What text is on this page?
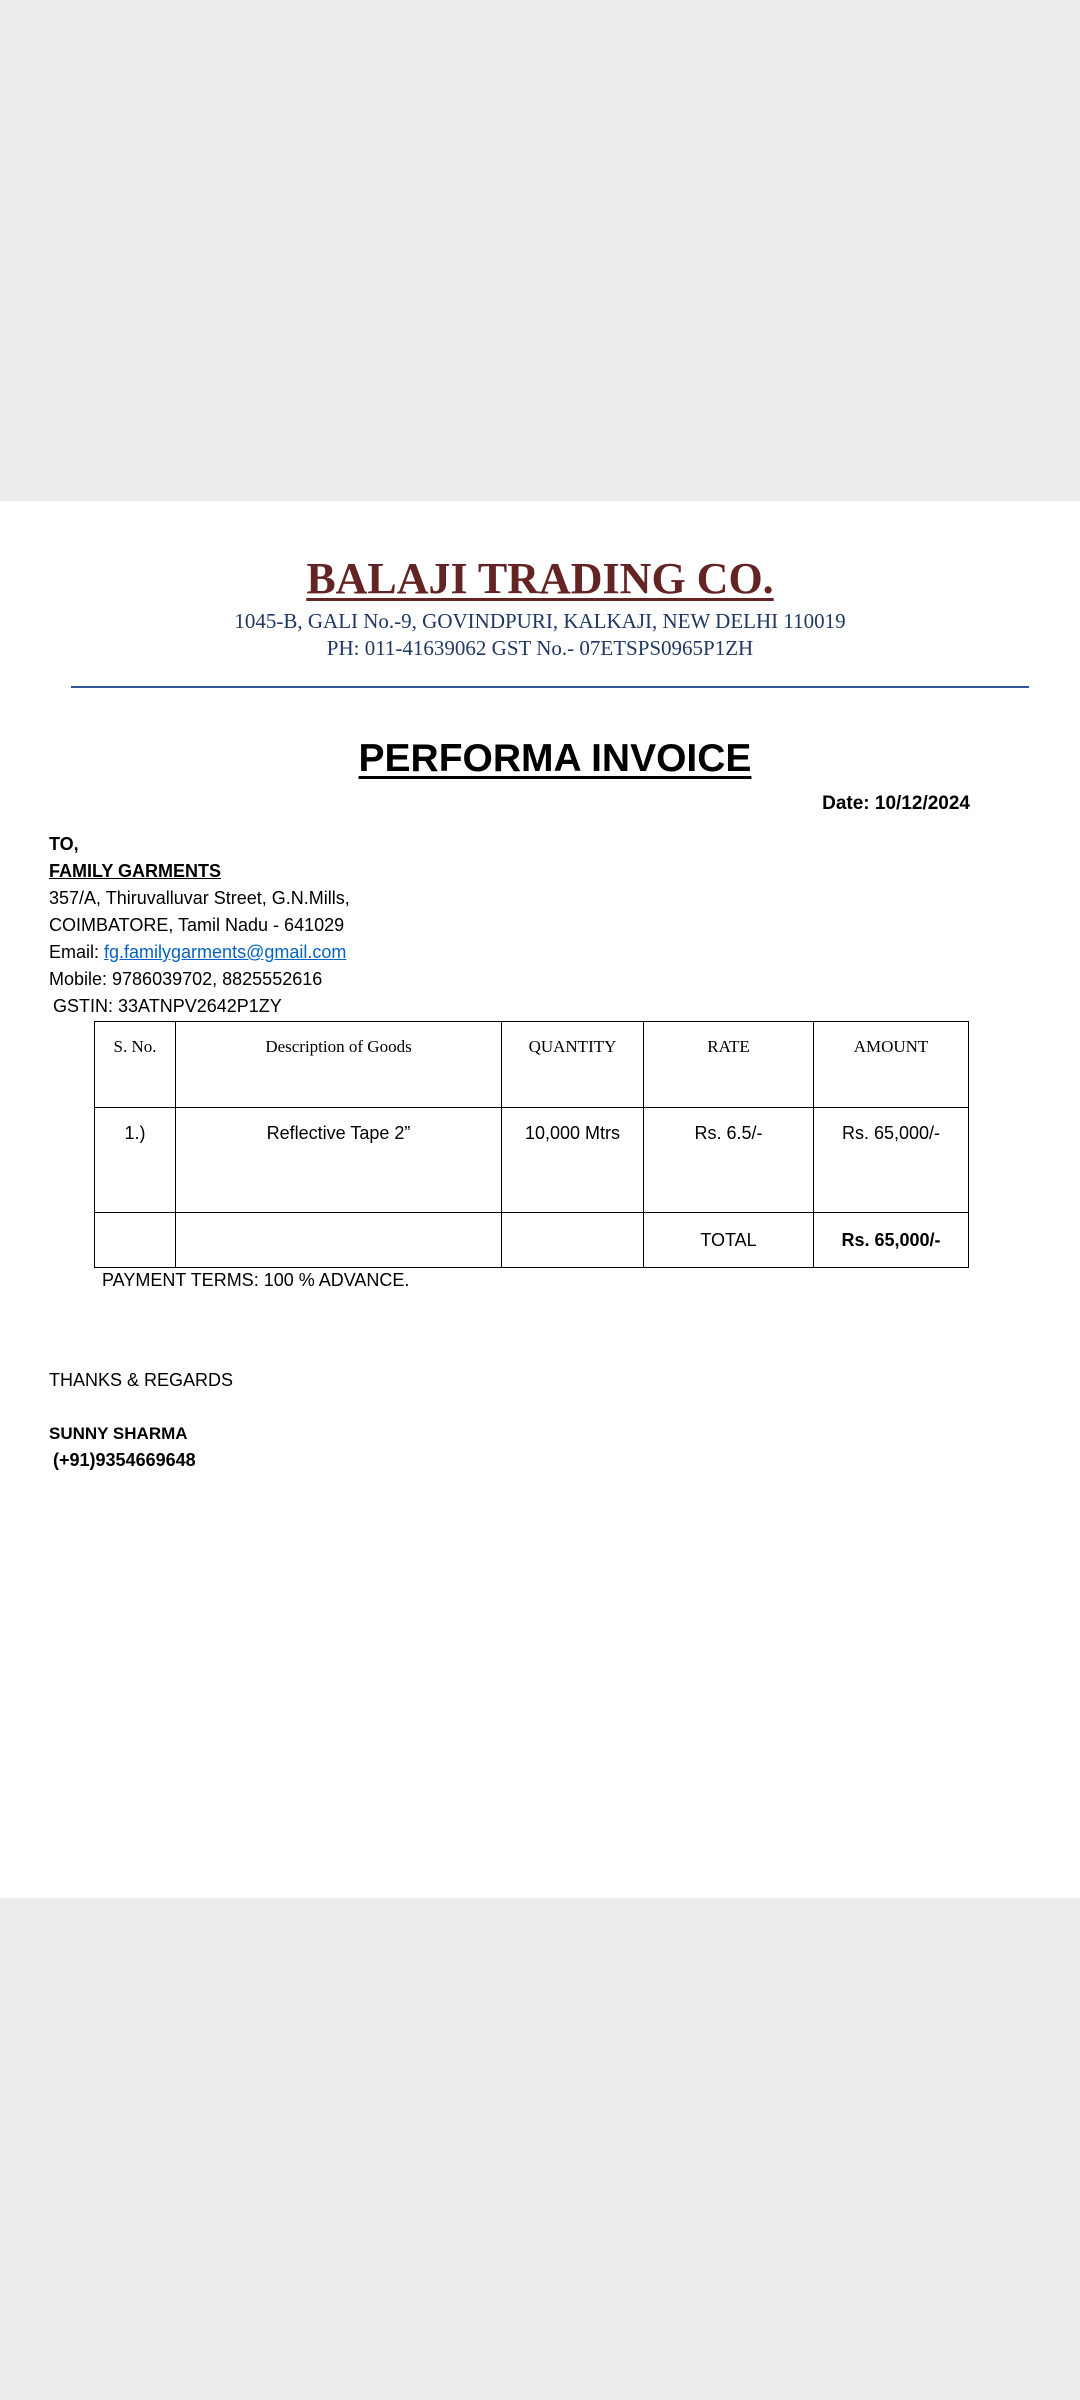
BALAJI TRADING CO.
1045-B, GALI No.-9, GOVINDPURI, KALKAJI, NEW DELHI 110019
PH: 011-41639062 GST No.- 07ETSPS0965P1ZH
PERFORMA INVOICE
Date: 10/12/2024
TO,
FAMILY GARMENTS
357/A, Thiruvalluvar Street, G.N.Mills,
COIMBATORE, Tamil Nadu - 641029
Email: fg.familygarments@gmail.com
Mobile: 9786039702, 8825552616
GSTIN: 33ATNPV2642P1ZY
S. No.	Description of Goods	QUANTITY	RATE	AMOUNT
1.)	Reflective Tape 2”	10,000 Mtrs	Rs. 6.5/-	Rs. 65,000/-
			TOTAL	Rs. 65,000/-
PAYMENT TERMS: 100 % ADVANCE.
THANKS & REGARDS
SUNNY SHARMA
(+91)9354669648
